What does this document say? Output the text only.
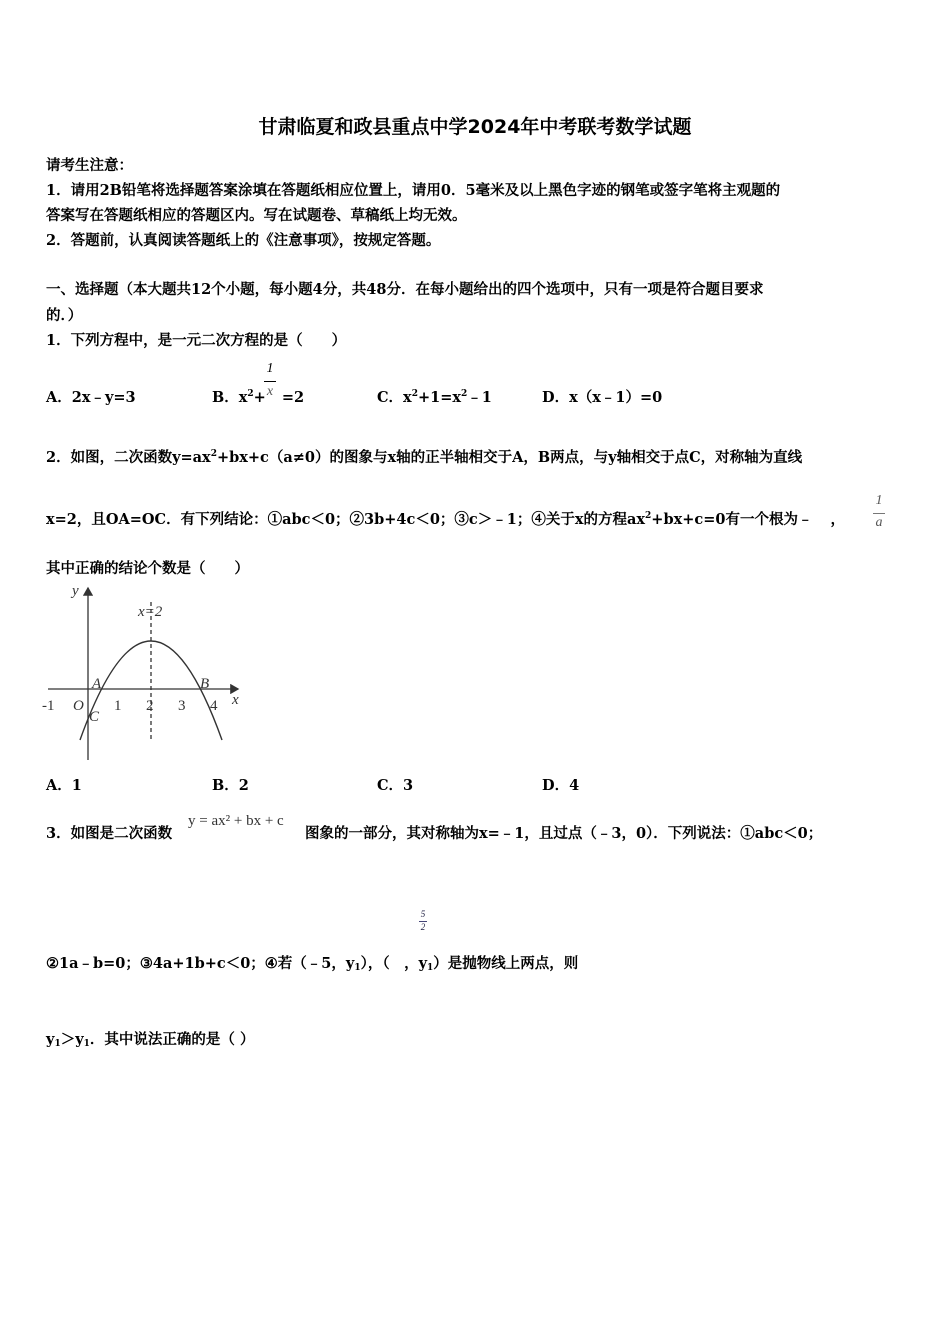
甘肃临夏和政县重点中学2024年中考联考数学试题
请考生注意：
1．请用2B铅笔将选择题答案涂填在答题纸相应位置上，请用0．5毫米及以上黑色字迹的钢笔或签字笔将主观题的
答案写在答题纸相应的答题区内。写在试题卷、草稿纸上均无效。
2．答题前，认真阅读答题纸上的《注意事项》，按规定答题。
一、选择题（本大题共12个小题，每小题4分，共48分．在每小题给出的四个选项中，只有一项是符合题目要求
的．）
1．下列方程中，是一元二次方程的是（　　）
A．2x﹣y=3	B．$x^2+ =2$
1
x	C．$x^2+1=x^2﹣1$	D．x（x﹣1）=0
2．如图，二次函数$y=ax^2+bx+c(a\ne 0)$的图象与x轴的正半轴相交于A，B两点，与y轴相交于点C，对称轴为直线
x=2，且OA=OC．有下列结论：①abc＜0；②3b+4c＜0；③c＞﹣1；④关于x的方程$ax^2+bx+c=0$有一个根为﹣ ，
1
a
其中正确的结论个数是（　　）
-1	1 2 3 4
y
x
x=2
O
A	B
C
A．1	B．2	C．3	D．4
3．如图是二次函数
y = ax² + bx + c
图象的一部分，其对称轴为x=﹣1，且过点（﹣3，0）．下列说法：①abc＜0；
5
2
②1a﹣b=0；③4a+1b+c＜0；④若（﹣5，$y_1$），（　，$y_1$）是抛物线上两点，则
$y_1>y_1$．其中说法正确的是（ ）
